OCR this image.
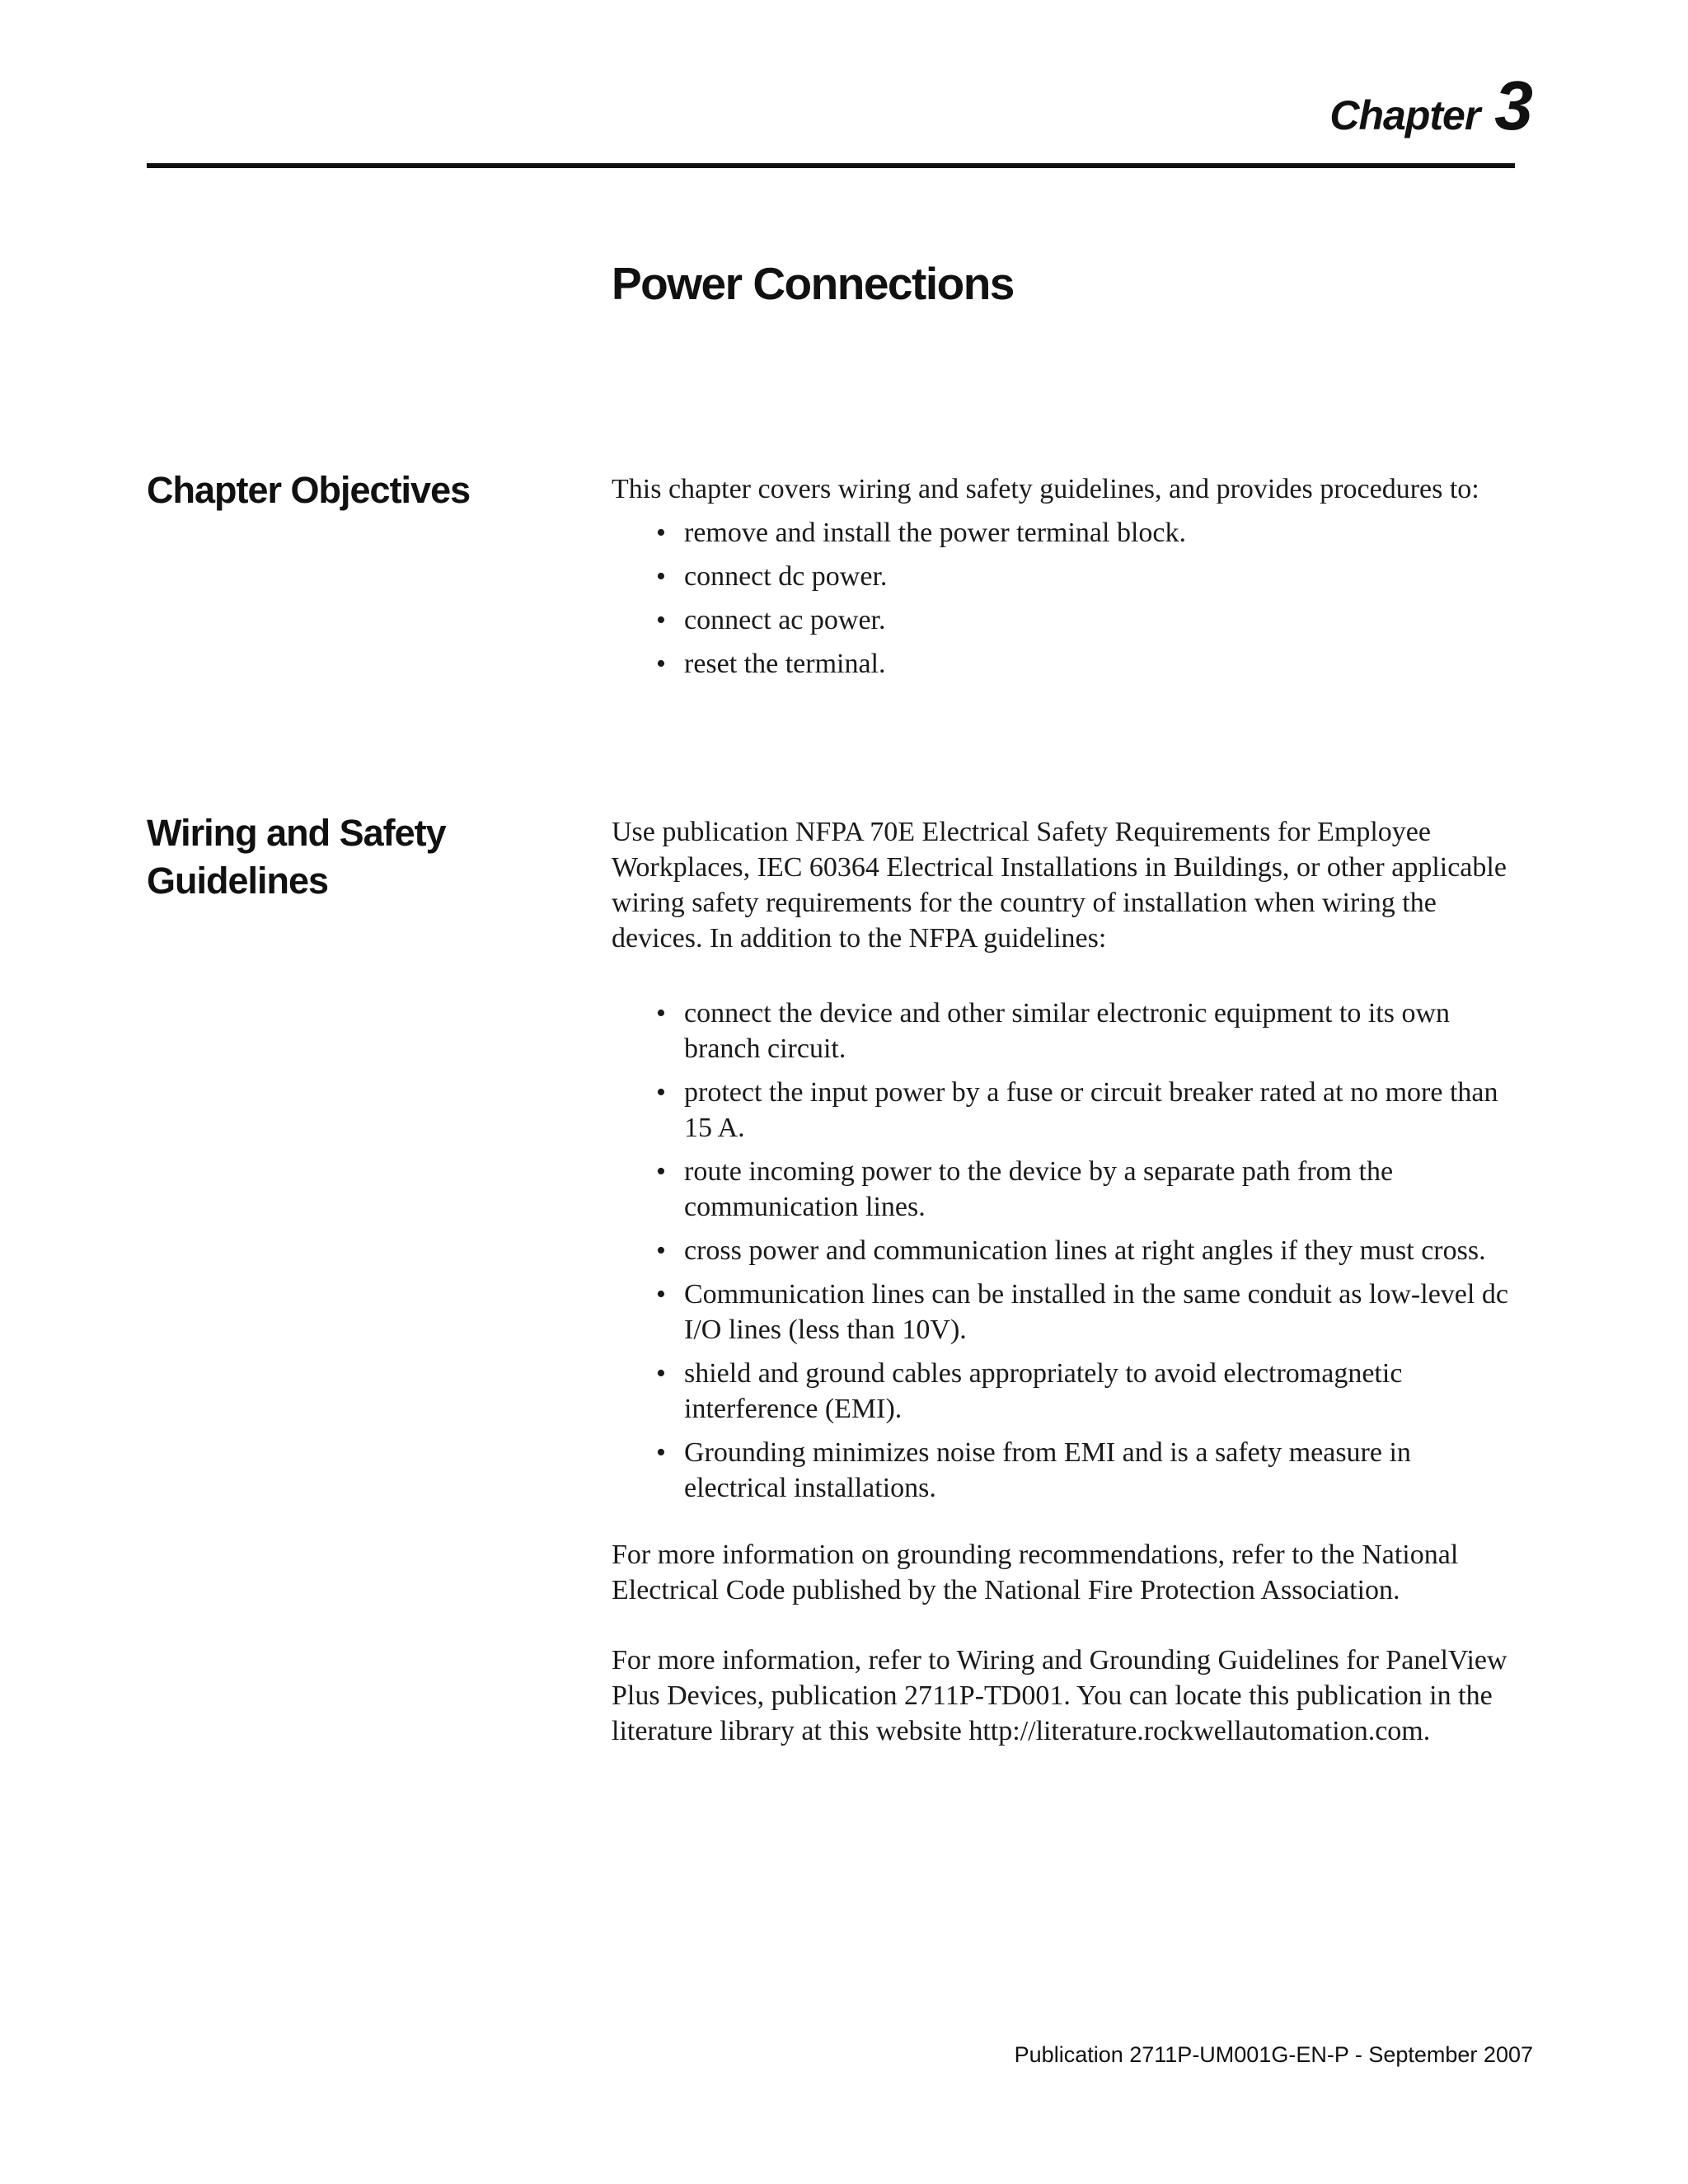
Chapter 3
Power Connections
Chapter Objectives	This chapter covers wiring and safety guidelines, and provides procedures to:

• remove and install the power terminal block.
• connect dc power.
• connect ac power.
• reset the terminal.
Wiring and Safety
Guidelines

Use publication NFPA 70E Electrical Safety Requirements for Employee Workplaces, IEC 60364 Electrical Installations in Buildings, or other applicable wiring safety requirements for the country of installation when wiring the devices. In addition to the NFPA guidelines:

• connect the device and other similar electronic equipment to its own branch circuit.
• protect the input power by a fuse or circuit breaker rated at no more than 15 A.
• route incoming power to the device by a separate path from the communication lines.
• cross power and communication lines at right angles if they must cross.
• Communication lines can be installed in the same conduit as low-level dc I/O lines (less than 10V).
• shield and ground cables appropriately to avoid electromagnetic interference (EMI).
• Grounding minimizes noise from EMI and is a safety measure in electrical installations.

For more information on grounding recommendations, refer to the National Electrical Code published by the National Fire Protection Association.

For more information, refer to Wiring and Grounding Guidelines for PanelView Plus Devices, publication 2711P-TD001. You can locate this publication in the literature library at this website http://literature.rockwellautomation.com.

Publication 2711P-UM001G-EN-P - September 2007
